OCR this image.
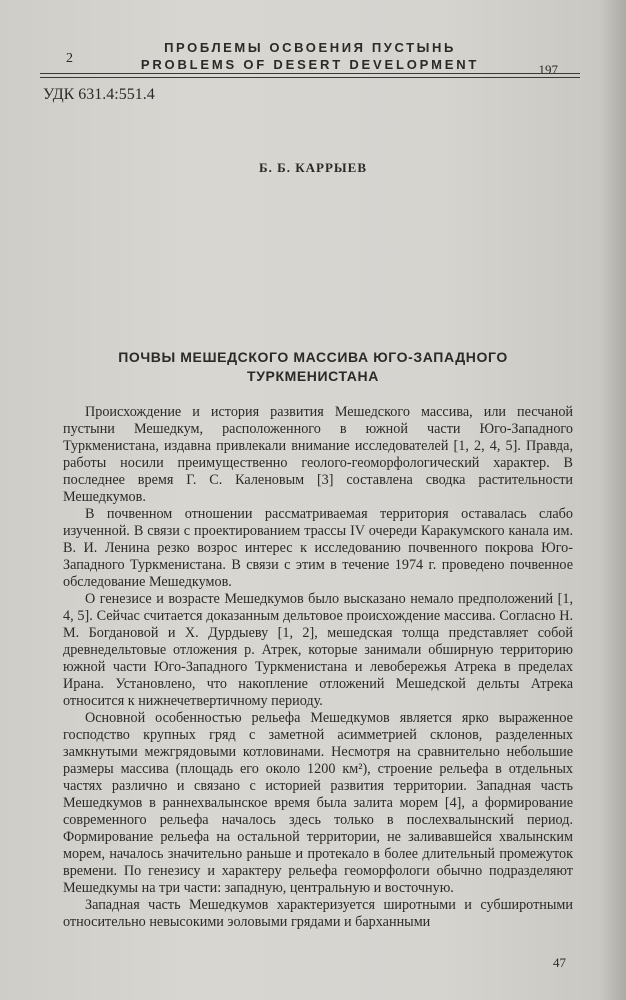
2
ПРОБЛЕМЫ ОСВОЕНИЯ ПУСТЫНЬ
PROBLEMS OF DESERT DEVELOPMENT	197
УДК 631.4:551.4
Б. Б. КАРРЫЕВ
ПОЧВЫ МЕШЕДСКОГО МАССИВА ЮГО-ЗАПАДНОГО
ТУРКМЕНИСТАНА

Происхождение и история развития Мешедского массива, или песчаной пустыни Мешедкум, расположенного в южной части Юго-Западного Туркменистана, издавна привлекали внимание исследователей [1, 2, 4, 5]. Правда, работы носили преимущественно геолого-геоморфологический характер. В последнее время Г. С. Каленовым [3] составлена сводка растительности Мешедкумов.

В почвенном отношении рассматриваемая территория оставалась слабо изученной. В связи с проектированием трассы IV очереди Каракумского канала им. В. И. Ленина резко возрос интерес к исследованию почвенного покрова Юго-Западного Туркменистана. В связи с этим в течение 1974 г. проведено почвенное обследование Мешедкумов.

О генезисе и возрасте Мешедкумов было высказано немало предположений [1, 4, 5]. Сейчас считается доказанным дельтовое происхождение массива. Согласно Н. М. Богдановой и Х. Дурдыеву [1, 2], мешедская толща представляет собой древнедельтовые отложения р. Атрек, которые занимали обширную территорию южной части Юго-Западного Туркменистана и левобережья Атрека в пределах Ирана. Установлено, что накопление отложений Мешедской дельты Атрека относится к нижнечетвертичному периоду.

Основной особенностью рельефа Мешедкумов является ярко выраженное господство крупных гряд с заметной асимметрией склонов, разделенных замкнутыми межгрядовыми котловинами. Несмотря на сравнительно небольшие размеры массива (площадь его около 1200 км²), строение рельефа в отдельных частях различно и связано с историей развития территории. Западная часть Мешедкумов в раннехвалынское время была залита морем [4], а формирование современного рельефа началось здесь только в послехвалынский период. Формирование рельефа на остальной территории, не заливавшейся хвалынским морем, началось значительно раньше и протекало в более длительный промежуток времени. По генезису и характеру рельефа геоморфологи обычно подразделяют Мешедкумы на три части: западную, центральную и восточную.

Западная часть Мешедкумов характеризуется широтными и субширотными относительно невысокими эоловыми грядами и барханными

47
